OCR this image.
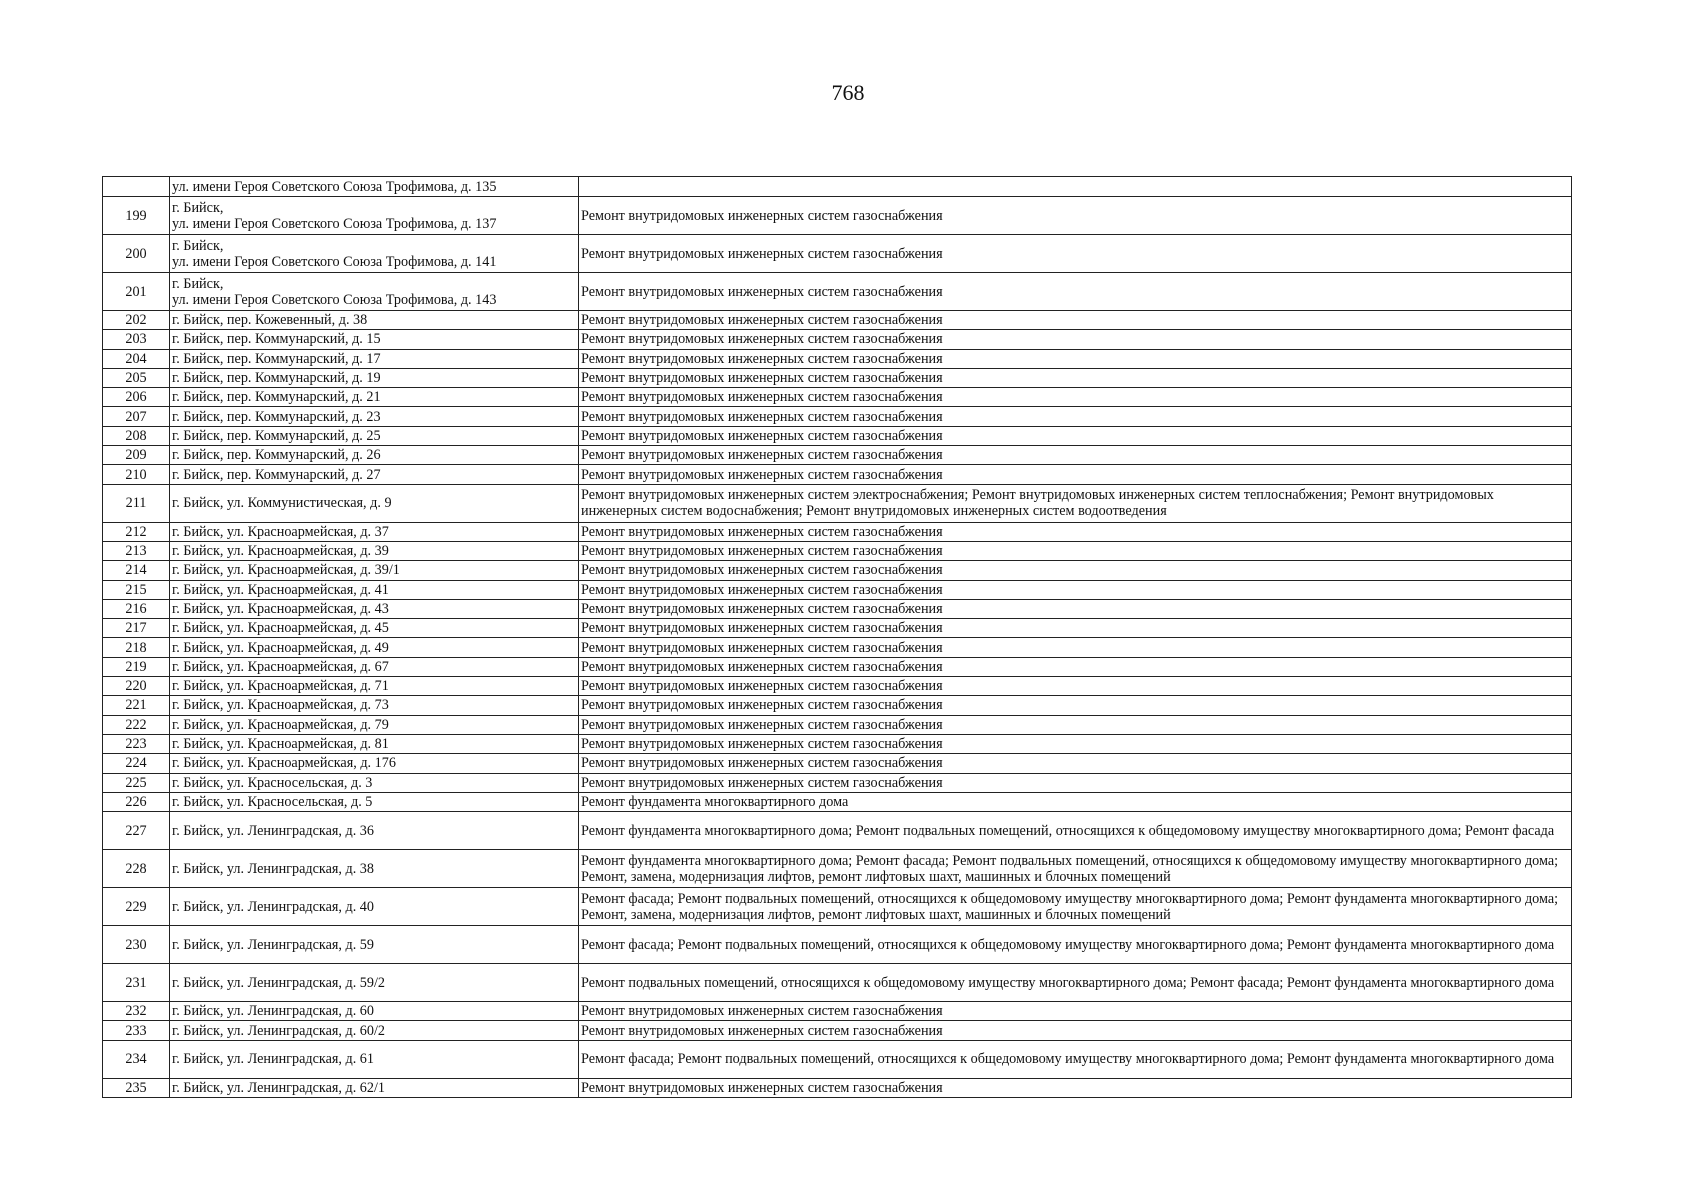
768

	ул. имени Героя Советского Союза Трофимова, д. 135	

199	г. Бийск,
ул. имени Героя Советского Союза Трофимова, д. 137	Ремонт внутридомовых инженерных систем газоснабжения

200	г. Бийск,
ул. имени Героя Советского Союза Трофимова, д. 141	Ремонт внутридомовых инженерных систем газоснабжения

201	г. Бийск,
ул. имени Героя Советского Союза Трофимова, д. 143	Ремонт внутридомовых инженерных систем газоснабжения

202	г. Бийск, пер. Кожевенный, д. 38	Ремонт внутридомовых инженерных систем газоснабжения

203	г. Бийск, пер. Коммунарский, д. 15	Ремонт внутридомовых инженерных систем газоснабжения

204	г. Бийск, пер. Коммунарский, д. 17	Ремонт внутридомовых инженерных систем газоснабжения

205	г. Бийск, пер. Коммунарский, д. 19	Ремонт внутридомовых инженерных систем газоснабжения

206	г. Бийск, пер. Коммунарский, д. 21	Ремонт внутридомовых инженерных систем газоснабжения

207	г. Бийск, пер. Коммунарский, д. 23	Ремонт внутридомовых инженерных систем газоснабжения

208	г. Бийск, пер. Коммунарский, д. 25	Ремонт внутридомовых инженерных систем газоснабжения

209	г. Бийск, пер. Коммунарский, д. 26	Ремонт внутридомовых инженерных систем газоснабжения

210	г. Бийск, пер. Коммунарский, д. 27	Ремонт внутридомовых инженерных систем газоснабжения

211	г. Бийск, ул. Коммунистическая, д. 9	Ремонт внутридомовых инженерных систем электроснабжения; Ремонт внутридомовых инженерных систем теплоснабжения; Ремонт внутридомовых инженерных систем водоснабжения; Ремонт внутридомовых инженерных систем водоотведения

212	г. Бийск, ул. Красноармейская, д. 37	Ремонт внутридомовых инженерных систем газоснабжения

213	г. Бийск, ул. Красноармейская, д. 39	Ремонт внутридомовых инженерных систем газоснабжения

214	г. Бийск, ул. Красноармейская, д. 39/1	Ремонт внутридомовых инженерных систем газоснабжения

215	г. Бийск, ул. Красноармейская, д. 41	Ремонт внутридомовых инженерных систем газоснабжения

216	г. Бийск, ул. Красноармейская, д. 43	Ремонт внутридомовых инженерных систем газоснабжения

217	г. Бийск, ул. Красноармейская, д. 45	Ремонт внутридомовых инженерных систем газоснабжения

218	г. Бийск, ул. Красноармейская, д. 49	Ремонт внутридомовых инженерных систем газоснабжения

219	г. Бийск, ул. Красноармейская, д. 67	Ремонт внутридомовых инженерных систем газоснабжения

220	г. Бийск, ул. Красноармейская, д. 71	Ремонт внутридомовых инженерных систем газоснабжения

221	г. Бийск, ул. Красноармейская, д. 73	Ремонт внутридомовых инженерных систем газоснабжения

222	г. Бийск, ул. Красноармейская, д. 79	Ремонт внутридомовых инженерных систем газоснабжения

223	г. Бийск, ул. Красноармейская, д. 81	Ремонт внутридомовых инженерных систем газоснабжения

224	г. Бийск, ул. Красноармейская, д. 176	Ремонт внутридомовых инженерных систем газоснабжения

225	г. Бийск, ул. Красносельская, д. 3	Ремонт внутридомовых инженерных систем газоснабжения

226	г. Бийск, ул. Красносельская, д. 5	Ремонт фундамента многоквартирного дома

227	г. Бийск, ул. Ленинградская, д. 36	Ремонт фундамента многоквартирного дома; Ремонт подвальных помещений, относящихся к общедомовому имуществу многоквартирного дома; Ремонт фасада

228	г. Бийск, ул. Ленинградская, д. 38	Ремонт фундамента многоквартирного дома; Ремонт фасада; Ремонт подвальных помещений, относящихся к общедомовому имуществу многоквартирного дома; Ремонт, замена, модернизация лифтов, ремонт лифтовых шахт, машинных и блочных помещений

229	г. Бийск, ул. Ленинградская, д. 40	Ремонт фасада; Ремонт подвальных помещений, относящихся к общедомовому имуществу многоквартирного дома; Ремонт фундамента многоквартирного дома; Ремонт, замена, модернизация лифтов, ремонт лифтовых шахт, машинных и блочных помещений

230	г. Бийск, ул. Ленинградская, д. 59	Ремонт фасада; Ремонт подвальных помещений, относящихся к общедомовому имуществу многоквартирного дома; Ремонт фундамента многоквартирного дома

231	г. Бийск, ул. Ленинградская, д. 59/2	Ремонт подвальных помещений, относящихся к общедомовому имуществу многоквартирного дома; Ремонт фасада; Ремонт фундамента многоквартирного дома

232	г. Бийск, ул. Ленинградская, д. 60	Ремонт внутридомовых инженерных систем газоснабжения

233	г. Бийск, ул. Ленинградская, д. 60/2	Ремонт внутридомовых инженерных систем газоснабжения

234	г. Бийск, ул. Ленинградская, д. 61	Ремонт фасада; Ремонт подвальных помещений, относящихся к общедомовому имуществу многоквартирного дома; Ремонт фундамента многоквартирного дома

235	г. Бийск, ул. Ленинградская, д. 62/1	Ремонт внутридомовых инженерных систем газоснабжения
